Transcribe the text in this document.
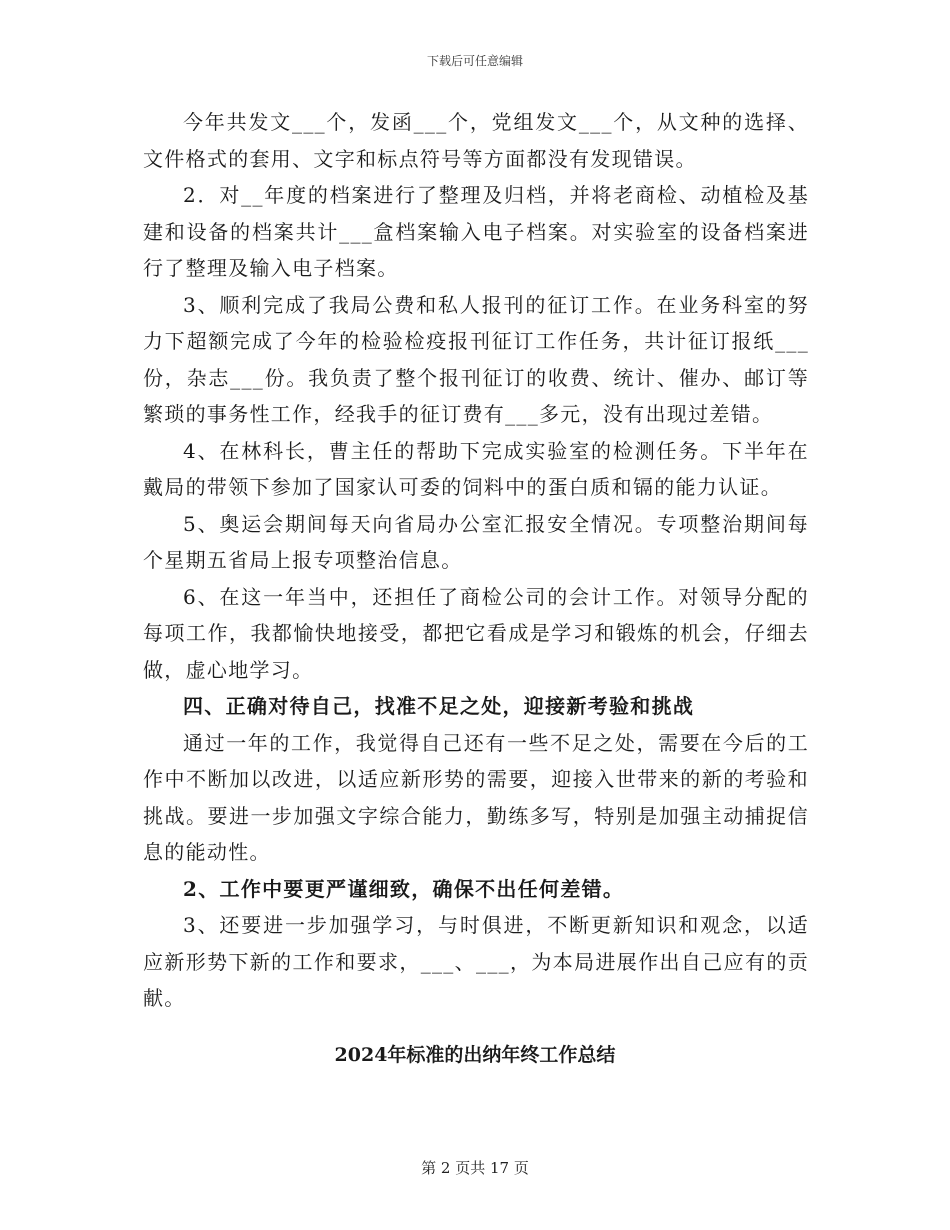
下载后可任意编辑

今年共发文___个，发函___个，党组发文___个，从文种的选择、文件格式的套用、文字和标点符号等方面都没有发现错误。

2．对__年度的档案进行了整理及归档，并将老商检、动植检及基建和设备的档案共计___盒档案输入电子档案。对实验室的设备档案进行了整理及输入电子档案。

3、顺利完成了我局公费和私人报刊的征订工作。在业务科室的努力下超额完成了今年的检验检疫报刊征订工作任务，共计征订报纸___份，杂志___份。我负责了整个报刊征订的收费、统计、催办、邮订等繁琐的事务性工作，经我手的征订费有___多元，没有出现过差错。

4、在林科长，曹主任的帮助下完成实验室的检测任务。下半年在戴局的带领下参加了国家认可委的饲料中的蛋白质和镉的能力认证。

5、奥运会期间每天向省局办公室汇报安全情况。专项整治期间每个星期五省局上报专项整治信息。

6、在这一年当中，还担任了商检公司的会计工作。对领导分配的每项工作，我都愉快地接受，都把它看成是学习和锻炼的机会，仔细去做，虚心地学习。

四、正确对待自己，找准不足之处，迎接新考验和挑战

通过一年的工作，我觉得自己还有一些不足之处，需要在今后的工作中不断加以改进，以适应新形势的需要，迎接入世带来的新的考验和挑战。要进一步加强文字综合能力，勤练多写，特别是加强主动捕捉信息的能动性。

2、工作中要更严谨细致，确保不出任何差错。

3、还要进一步加强学习，与时俱进，不断更新知识和观念，以适应新形势下新的工作和要求，___、___，为本局进展作出自己应有的贡献。

2024年标准的出纳年终工作总结
第 2 页共 17 页
